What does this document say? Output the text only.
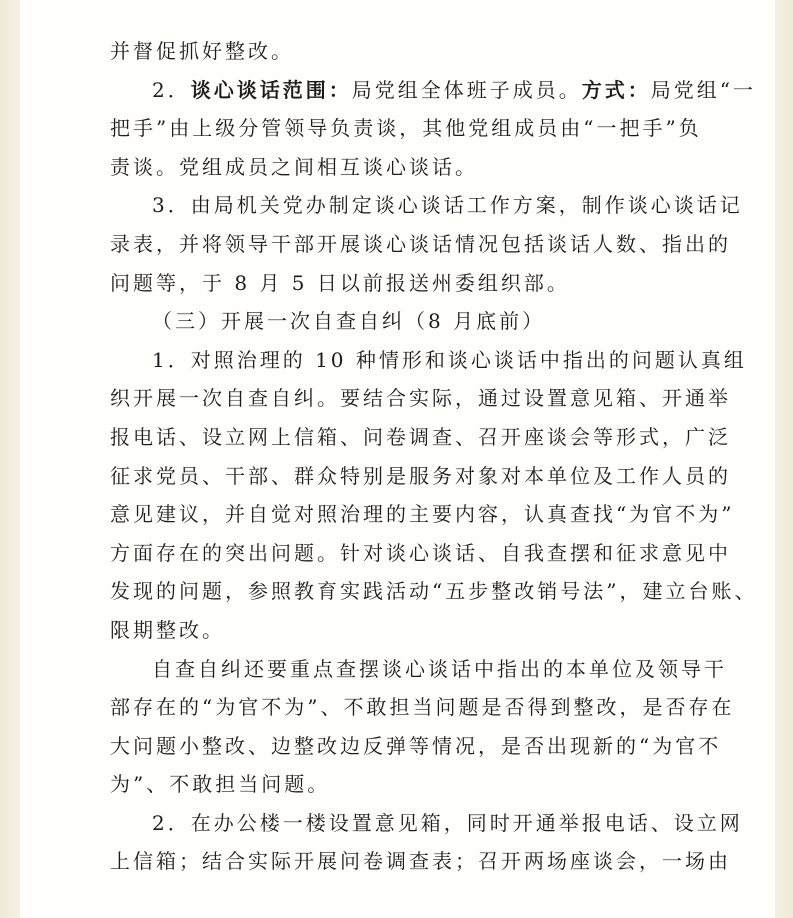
并督促抓好整改。
2．谈心谈话范围：局党组全体班子成员。方式：局党组“一
把手”由上级分管领导负责谈，其他党组成员由“一把手”负
责谈。党组成员之间相互谈心谈话。
3．由局机关党办制定谈心谈话工作方案，制作谈心谈话记
录表，并将领导干部开展谈心谈话情况包括谈话人数、指出的
问题等，于 8 月 5 日以前报送州委组织部。
（三）开展一次自查自纠（8 月底前）
1．对照治理的 10 种情形和谈心谈话中指出的问题认真组
织开展一次自查自纠。要结合实际，通过设置意见箱、开通举
报电话、设立网上信箱、问卷调查、召开座谈会等形式，广泛
征求党员、干部、群众特别是服务对象对本单位及工作人员的
意见建议，并自觉对照治理的主要内容，认真查找“为官不为”
方面存在的突出问题。针对谈心谈话、自我查摆和征求意见中
发现的问题，参照教育实践活动“五步整改销号法”，建立台账、
限期整改。
自查自纠还要重点查摆谈心谈话中指出的本单位及领导干
部存在的“为官不为”、不敢担当问题是否得到整改，是否存在
大问题小整改、边整改边反弹等情况，是否出现新的“为官不
为”、不敢担当问题。
2．在办公楼一楼设置意见箱，同时开通举报电话、设立网
上信箱；结合实际开展问卷调查表；召开两场座谈会，一场由
